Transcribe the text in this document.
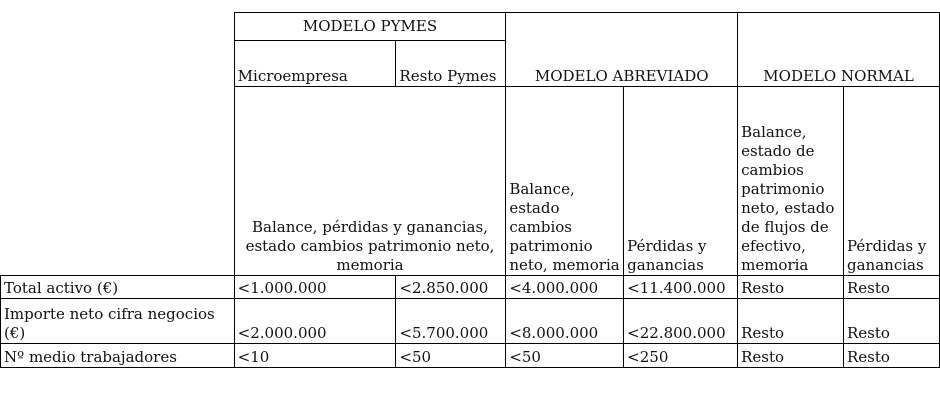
	MODELO PYMES		MODELO ABREVIADO		MODELO NORMAL	
	Microempresa	Resto Pymes				
	Balance, pérdidas y ganancias, estado cambios patrimonio neto, memoria		Balance, estado cambios patrimonio neto, memoria	Pérdidas y ganancias	Balance, estado de cambios patrimonio neto, estado de flujos de efectivo, memoria	Pérdidas y ganancias
Total activo (€)	<1.000.000	<2.850.000	<4.000.000	<11.400.000	Resto	Resto
Importe neto cifra negocios (€)	<2.000.000	<5.700.000	<8.000.000	<22.800.000	Resto	Resto
Nº medio trabajadores	<10	<50	<50	<250	Resto	Resto
